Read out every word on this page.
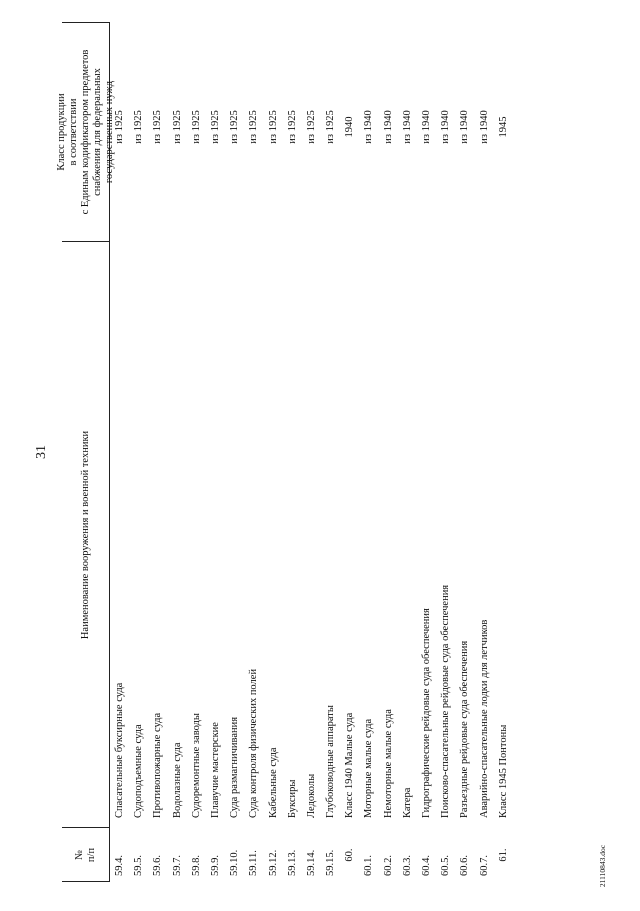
31
21110843.doc
№ п/п
Наименование вооружения и военной техники
Класс продукции в соответствии с Единым кодификатором предметов снабжения для федеральных государственных нужд
59.4.
Спасательные буксирные суда
из 1925
59.5.
Судоподъемные суда
из 1925
59.6.
Противопожарные суда
из 1925
59.7.
Водолазные суда
из 1925
59.8.
Судоремонтные заводы
из 1925
59.9.
Плавучие мастерские
из 1925
59.10.
Суда размагничивания
из 1925
59.11.
Суда контроля физических полей
из 1925
59.12.
Кабельные суда
из 1925
59.13.
Буксиры
из 1925
59.14.
Ледоколы
из 1925
59.15.
Глубоководные аппараты
из 1925
60.
Класс 1940 Малые суда
1940
60.1.
Моторные малые суда
из 1940
60.2.
Немоторные малые суда
из 1940
60.3.
Катера
из 1940
60.4.
Гидрографические рейдовые суда обеспечения
из 1940
60.5.
Поисково-спасательные рейдовые суда обеспечения
из 1940
60.6.
Разъездные рейдовые суда обеспечения
из 1940
60.7.
Аварийно-спасательные лодки для летчиков
из 1940
61.
Класс 1945 Понтоны
1945
